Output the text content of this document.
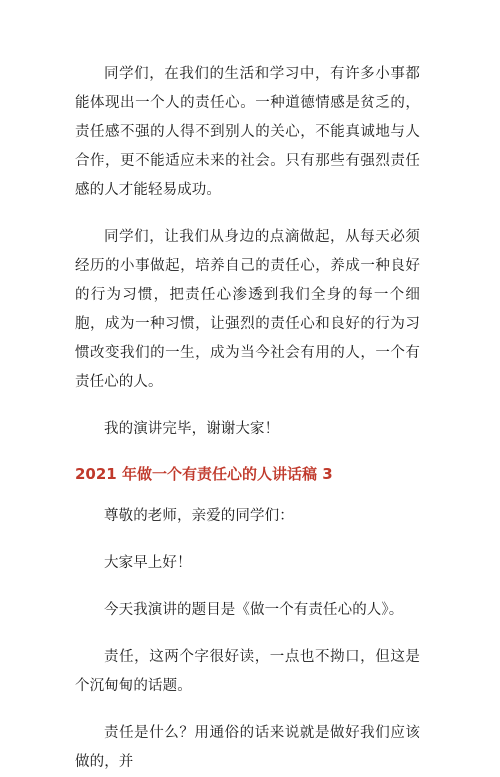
同学们，在我们的生活和学习中，有许多小事都能体现出一个人的责任心。一种道德情感是贫乏的，责任感不强的人得不到别人的关心，不能真诚地与人合作，更不能适应未来的社会。只有那些有强烈责任感的人才能轻易成功。

同学们，让我们从身边的点滴做起，从每天必须经历的小事做起，培养自己的责任心，养成一种良好的行为习惯，把责任心渗透到我们全身的每一个细胞，成为一种习惯，让强烈的责任心和良好的行为习惯改变我们的一生，成为当今社会有用的人，一个有责任心的人。

我的演讲完毕，谢谢大家！

2021 年做一个有责任心的人讲话稿 3

尊敬的老师，亲爱的同学们：

大家早上好！

今天我演讲的题目是《做一个有责任心的人》。

责任，这两个字很好读，一点也不拗口，但这是个沉甸甸的话题。

责任是什么？用通俗的话来说就是做好我们应该做的，并
